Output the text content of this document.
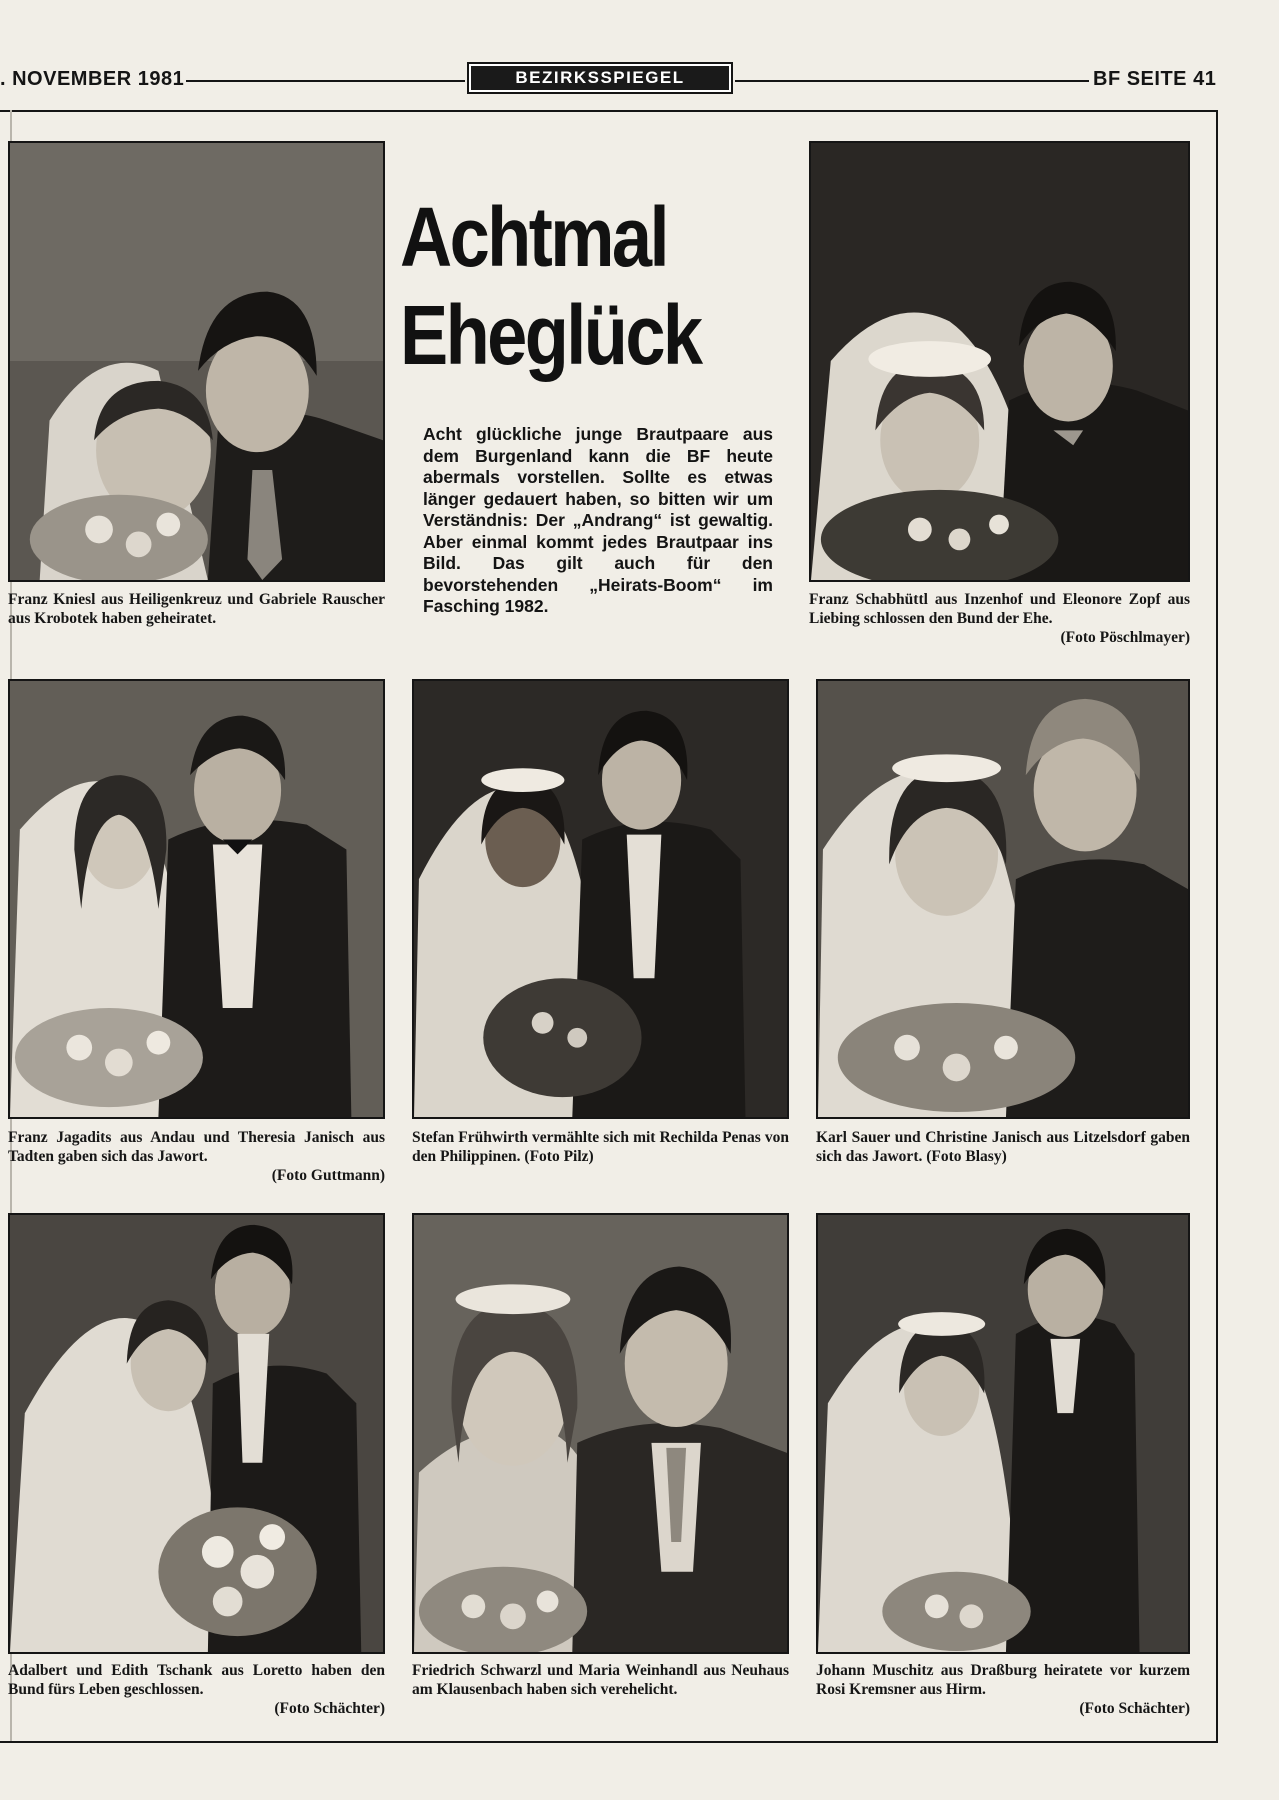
. NOVEMBER 1981	BEZIRKSSPIEGEL	BF SEITE 41
Achtmal
Eheglück
Acht glückliche junge Brautpaare aus dem Burgenland kann die BF heute abermals vorstellen. Sollte es etwas länger gedauert haben, so bitten wir um Verständnis: Der „Andrang“ ist gewaltig. Aber einmal kommt jedes Brautpaar ins Bild. Das gilt auch für den bevorstehenden „Heirats-Boom“ im Fasching 1982.
Franz Kniesl aus Heiligenkreuz und Gabriele Rauscher aus Krobotek haben geheiratet.
Franz Schabhüttl aus Inzenhof und Eleonore Zopf aus Liebing schlossen den Bund der Ehe.
(Foto Pöschlmayer)
Franz Jagadits aus Andau und Theresia Janisch aus Tadten gaben sich das Jawort.
(Foto Guttmann)
Stefan Frühwirth vermählte sich mit Rechilda Penas von den Philippinen. (Foto Pilz)
Karl Sauer und Christine Janisch aus Litzelsdorf gaben sich das Jawort. (Foto Blasy)
Adalbert und Edith Tschank aus Loretto haben den Bund fürs Leben geschlossen.
(Foto Schächter)
Friedrich Schwarzl und Maria Weinhandl aus Neuhaus am Klausenbach haben sich verehelicht.
Johann Muschitz aus Draßburg heiratete vor kurzem Rosi Kremsner aus Hirm.
(Foto Schächter)
